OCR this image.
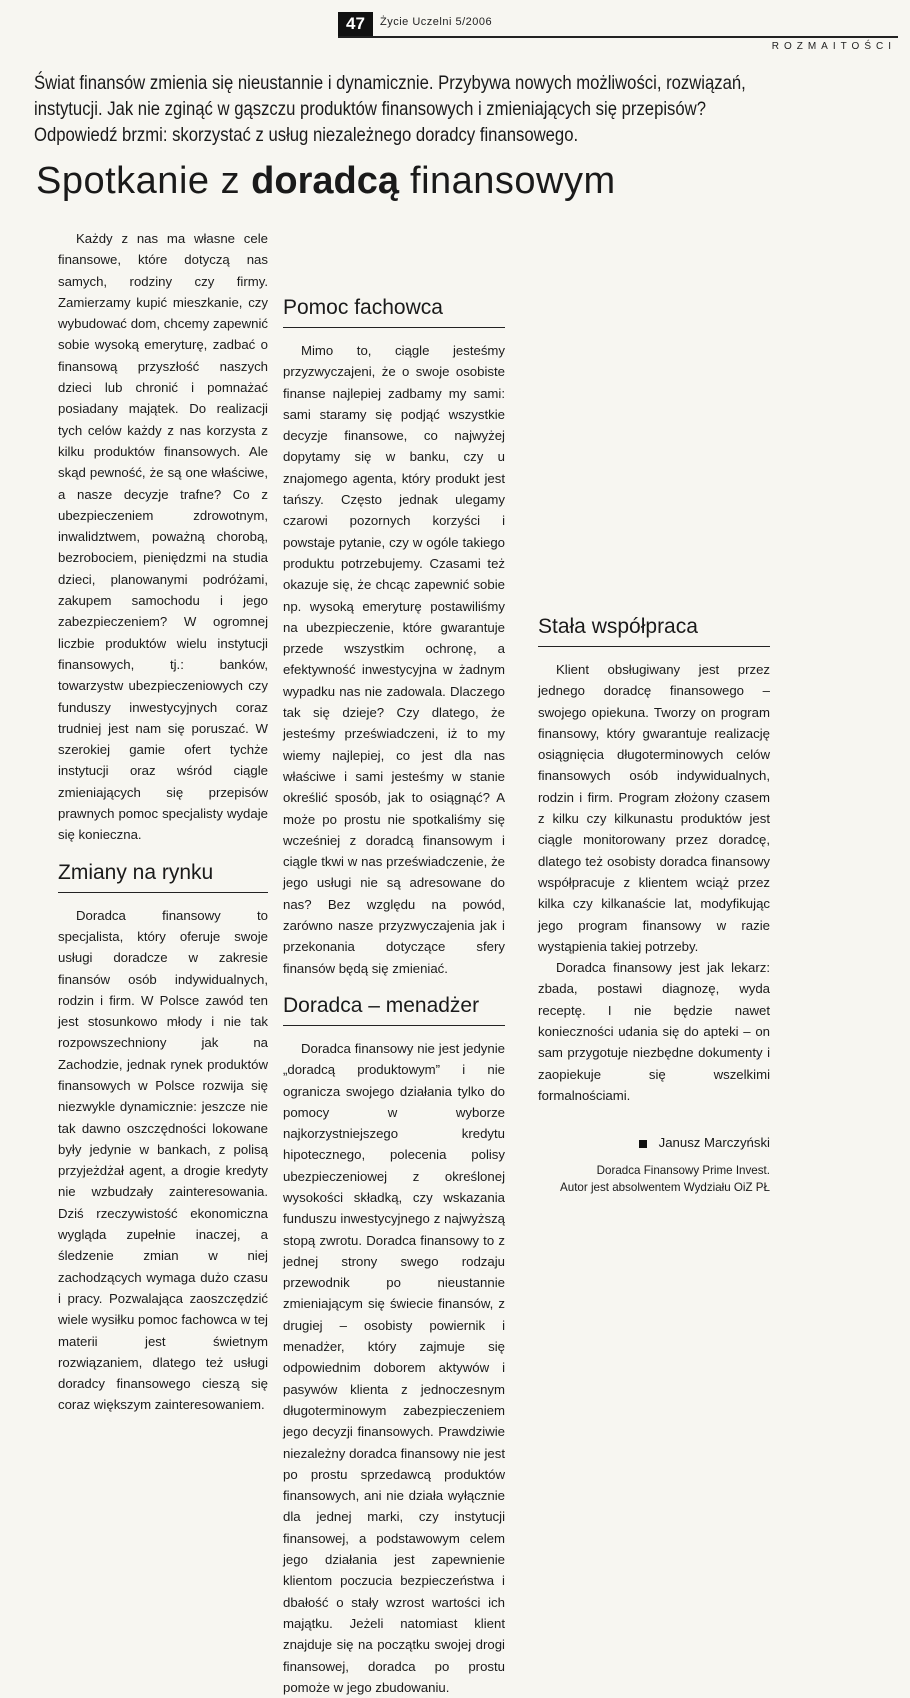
47	Życie Uczelni 5/2006
ROZMAITOŚCI

Świat finansów zmienia się nieustannie i dynamicznie. Przybywa nowych możliwości, rozwiązań, instytucji. Jak nie zginąć w gąszczu produktów finansowych i zmieniających się przepisów? Odpowiedź brzmi: skorzystać z usług niezależnego doradcy finansowego.

Spotkanie z doradcą finansowym

Każdy z nas ma własne cele finansowe, które dotyczą nas samych, rodziny czy firmy. Zamierzamy kupić mieszkanie, czy wybudować dom, chcemy zapewnić sobie wysoką emeryturę, zadbać o finansową przyszłość naszych dzieci lub chronić i pomnażać posiadany majątek. Do realizacji tych celów każdy z nas korzysta z kilku produktów finansowych. Ale skąd pewność, że są one właściwe, a nasze decyzje trafne? Co z ubezpieczeniem zdrowotnym, inwalidztwem, poważną chorobą, bezrobociem, pieniędzmi na studia dzieci, planowanymi podróżami, zakupem samochodu i jego zabezpieczeniem? W ogromnej liczbie produktów wielu instytucji finansowych, tj.: banków, towarzystw ubezpieczeniowych czy funduszy inwestycyjnych coraz trudniej jest nam się poruszać. W szerokiej gamie ofert tychże instytucji oraz wśród ciągle zmieniających się przepisów prawnych pomoc specjalisty wydaje się konieczna.

Zmiany na rynku

Doradca finansowy to specjalista, który oferuje swoje usługi doradcze w zakresie finansów osób indywidualnych, rodzin i firm. W Polsce zawód ten jest stosunkowo młody i nie tak rozpowszechniony jak na Zachodzie, jednak rynek produktów finansowych w Polsce rozwija się niezwykle dynamicznie: jeszcze nie tak dawno oszczędności lokowane były jedynie w bankach, z polisą przyjeżdżał agent, a drogie kredyty nie wzbudzały zainteresowania. Dziś rzeczywistość ekonomiczna wygląda zupełnie inaczej, a śledzenie zmian w niej zachodzących wymaga dużo czasu i pracy. Pozwalająca zaoszczędzić wiele wysiłku pomoc fachowca w tej materii jest świetnym rozwiązaniem, dlatego też usługi doradcy finansowego cieszą się coraz większym zainteresowaniem.

Pomoc fachowca

Mimo to, ciągle jesteśmy przyzwyczajeni, że o swoje osobiste finanse najlepiej zadbamy my sami: sami staramy się podjąć wszystkie decyzje finansowe, co najwyżej dopytamy się w banku, czy u znajomego agenta, który produkt jest tańszy. Często jednak ulegamy czarowi pozornych korzyści i powstaje pytanie, czy w ogóle takiego produktu potrzebujemy. Czasami też okazuje się, że chcąc zapewnić sobie np. wysoką emeryturę postawiliśmy na ubezpieczenie, które gwarantuje przede wszystkim ochronę, a efektywność inwestycyjna w żadnym wypadku nas nie zadowala. Dlaczego tak się dzieje? Czy dlatego, że jesteśmy przeświadczeni, iż to my wiemy najlepiej, co jest dla nas właściwe i sami jesteśmy w stanie określić sposób, jak to osiągnąć? A może po prostu nie spotkaliśmy się wcześniej z doradcą finansowym i ciągle tkwi w nas przeświadczenie, że jego usługi nie są adresowane do nas? Bez względu na powód, zarówno nasze przyzwyczajenia jak i przekonania dotyczące sfery finansów będą się zmieniać.

Doradca – menadżer

Doradca finansowy nie jest jedynie „doradcą produktowym” i nie ogranicza swojego działania tylko do pomocy w wyborze najkorzystniejszego kredytu hipotecznego, polecenia polisy ubezpieczeniowej z określonej wysokości składką, czy wskazania funduszu inwestycyjnego z najwyższą stopą zwrotu. Doradca finansowy to z jednej strony swego rodzaju przewodnik po nieustannie zmieniającym się świecie finansów, z drugiej – osobisty powiernik i menadżer, który zajmuje się odpowiednim doborem aktywów i pasywów klienta z jednoczesnym długoterminowym zabezpieczeniem jego decyzji finansowych. Prawdziwie niezależny doradca finansowy nie jest po prostu sprzedawcą produktów finansowych, ani nie działa wyłącznie dla jednej marki, czy instytucji finansowej, a podstawowym celem jego działania jest zapewnienie klientom poczucia bezpieczeństwa i dbałość o stały wzrost wartości ich majątku. Jeżeli natomiast klient znajduje się na początku swojej drogi finansowej, doradca po prostu pomoże w jego zbudowaniu.

Stała współpraca

Klient obsługiwany jest przez jednego doradcę finansowego – swojego opiekuna. Tworzy on program finansowy, który gwarantuje realizację osiągnięcia długoterminowych celów finansowych osób indywidualnych, rodzin i firm. Program złożony czasem z kilku czy kilkunastu produktów jest ciągle monitorowany przez doradcę, dlatego też osobisty doradca finansowy współpracuje z klientem wciąż przez kilka czy kilkanaście lat, modyfikując jego program finansowy w razie wystąpienia takiej potrzeby.

Doradca finansowy jest jak lekarz: zbada, postawi diagnozę, wyda receptę. I nie będzie nawet konieczności udania się do apteki – on sam przygotuje niezbędne dokumenty i zaopiekuje się wszelkimi formalnościami.

Janusz Marczyński
Doradca Finansowy Prime Invest.
Autor jest absolwentem Wydziału OiZ PŁ
